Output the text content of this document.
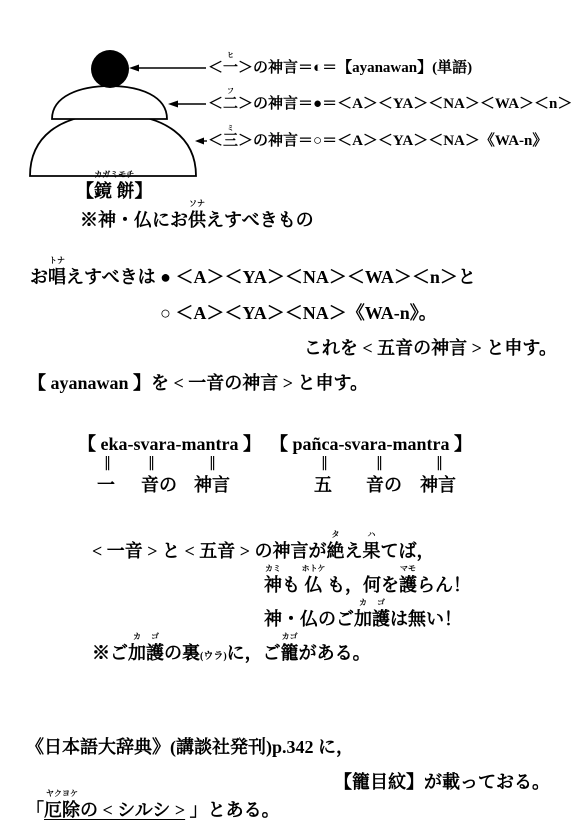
＜一
ヒ
＞の神言＝◐＝【ayanawan】(単語)
＜二
フ
＞の神言＝●＝＜A＞＜YA＞＜NA＞＜WA＞＜n＞
＜三
ミ
＞の神言＝○＝＜A＞＜YA＞＜NA＞《WA-n》
【鏡 餅
カガミモチ
】
※神・仏にお供
ソナ
えすべきもの
お唱
トナ
えすべきは ● ＜A＞＜YA＞＜NA＞＜WA＞＜n＞と
○ ＜A＞＜YA＞＜NA＞《WA-n》。
これを < 五音の神言 > と申す。
【 ayanawan 】を < 一音の神言 > と申す。
【 eka-svara-mantra 】 【 pañca-svara-mantra 】
‖	‖	‖	‖	‖	‖
一 音の 神言	五 音の 神言
< 一音 > と < 五音 > の神言が絶
タ
え果
ハ
てば，
神
カミ
も 仏
ホトケ
も，何を護
マモ
らん！
神・仏のご加
カ
護
ゴ
は無い！
※ご加
カ
護
ゴ
の裏(ウラ)に，ご籠
カゴ
がある。
《日本語大辞典》(講談社発刊)p.342 に，
【籠目紋】が載っておる。
「厄除
ヤクヨケ
の < シルシ > 」とある。
